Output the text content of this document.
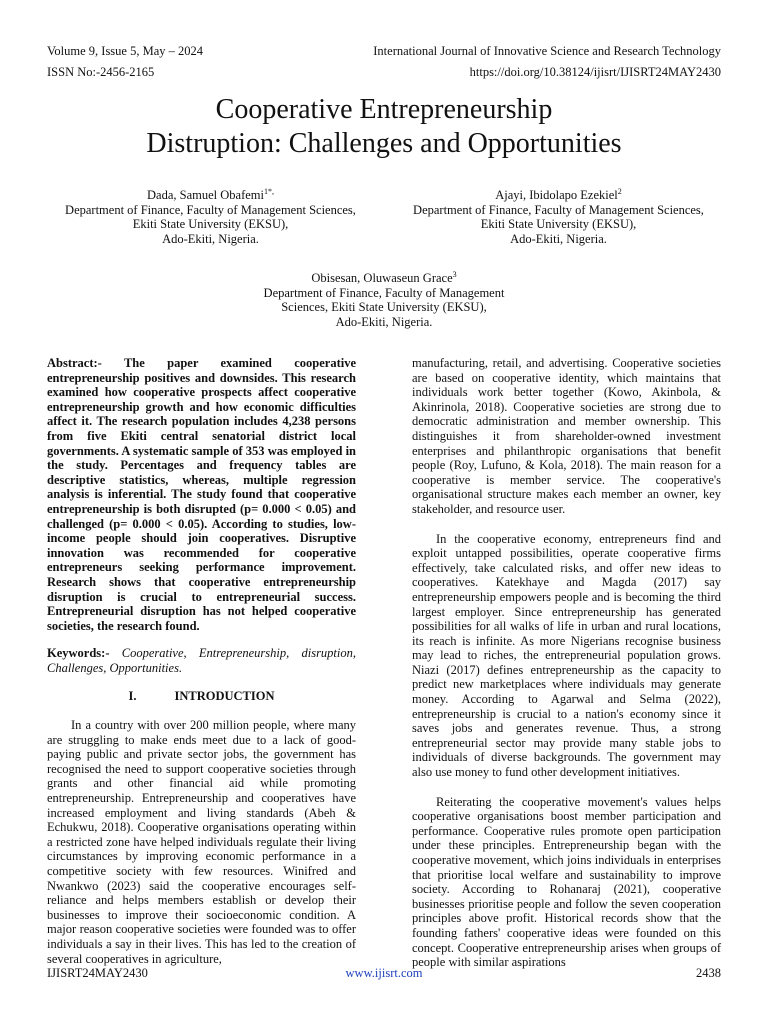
Volume 9, Issue 5, May – 2024	International Journal of Innovative Science and Research Technology
ISSN No:-2456-2165	https://doi.org/10.38124/ijisrt/IJISRT24MAY2430
Cooperative Entrepreneurship
Distruption: Challenges and Opportunities
Dada, Samuel Obafemi$^{1*,}$
Department of Finance, Faculty of Management Sciences,
Ekiti State University (EKSU),
Ado-Ekiti, Nigeria.
Ajayi, Ibidolapo Ezekiel$^2$
Department of Finance, Faculty of Management Sciences,
Ekiti State University (EKSU),
Ado-Ekiti, Nigeria.
Obisesan, Oluwaseun Grace$^3$
Department of Finance, Faculty of Management
Sciences, Ekiti State University (EKSU),
Ado-Ekiti, Nigeria.

Abstract:- The paper examined cooperative entrepreneurship positives and downsides. This research examined how cooperative prospects affect cooperative entrepreneurship growth and how economic difficulties affect it. The research population includes 4,238 persons from five Ekiti central senatorial district local governments. A systematic sample of 353 was employed in the study. Percentages and frequency tables are descriptive statistics, whereas, multiple regression analysis is inferential. The study found that cooperative entrepreneurship is both disrupted (p= 0.000 < 0.05) and challenged (p= 0.000 < 0.05). According to studies, low-income people should join cooperatives. Disruptive innovation was recommended for cooperative entrepreneurs seeking performance improvement. Research shows that cooperative entrepreneurship disruption is crucial to entrepreneurial success. Entrepreneurial disruption has not helped cooperative societies, the research found.

Keywords:- Cooperative, Entrepreneurship, disruption, Challenges, Opportunities.

I.	INTRODUCTION

In a country with over 200 million people, where many are struggling to make ends meet due to a lack of good-paying public and private sector jobs, the government has recognised the need to support cooperative societies through grants and other financial aid while promoting entrepreneurship. Entrepreneurship and cooperatives have increased employment and living standards (Abeh & Echukwu, 2018). Cooperative organisations operating within a restricted zone have helped individuals regulate their living circumstances by improving economic performance in a competitive society with few resources. Winifred and Nwankwo (2023) said the cooperative encourages self-reliance and helps members establish or develop their businesses to improve their socioeconomic condition. A major reason cooperative societies were founded was to offer individuals a say in their lives. This has led to the creation of several cooperatives in agriculture,

manufacturing, retail, and advertising. Cooperative societies are based on cooperative identity, which maintains that individuals work better together (Kowo, Akinbola, & Akinrinola, 2018). Cooperative societies are strong due to democratic administration and member ownership. This distinguishes it from shareholder-owned investment enterprises and philanthropic organisations that benefit people (Roy, Lufuno, & Kola, 2018). The main reason for a cooperative is member service. The cooperative's organisational structure makes each member an owner, key stakeholder, and resource user.

In the cooperative economy, entrepreneurs find and exploit untapped possibilities, operate cooperative firms effectively, take calculated risks, and offer new ideas to cooperatives. Katekhaye and Magda (2017) say entrepreneurship empowers people and is becoming the third largest employer. Since entrepreneurship has generated possibilities for all walks of life in urban and rural locations, its reach is infinite. As more Nigerians recognise business may lead to riches, the entrepreneurial population grows. Niazi (2017) defines entrepreneurship as the capacity to predict new marketplaces where individuals may generate money. According to Agarwal and Selma (2022), entrepreneurship is crucial to a nation's economy since it saves jobs and generates revenue. Thus, a strong entrepreneurial sector may provide many stable jobs to individuals of diverse backgrounds. The government may also use money to fund other development initiatives.

Reiterating the cooperative movement's values helps cooperative organisations boost member participation and performance. Cooperative rules promote open participation under these principles. Entrepreneurship began with the cooperative movement, which joins individuals in enterprises that prioritise local welfare and sustainability to improve society. According to Rohanaraj (2021), cooperative businesses prioritise people and follow the seven cooperation principles above profit. Historical records show that the founding fathers' cooperative ideas were founded on this concept. Cooperative entrepreneurship arises when groups of people with similar aspirations

IJISRT24MAY2430	www.ijisrt.com	2438
